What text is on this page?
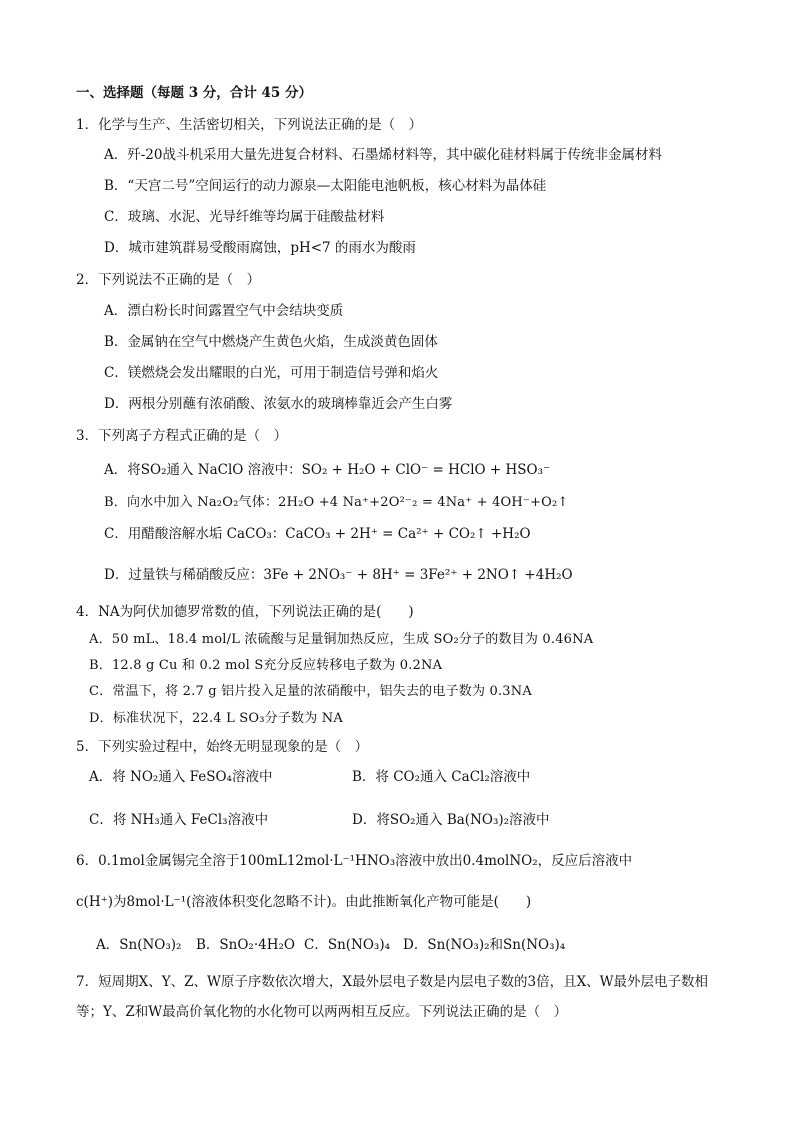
一、选择题（每题 3 分，合计 45 分）
1．化学与生产、生活密切相关，下列说法正确的是（　）
A．歼-20战斗机采用大量先进复合材料、石墨烯材料等，其中碳化硅材料属于传统非金属材料
B．“天宫二号”空间运行的动力源泉—太阳能电池帆板，核心材料为晶体硅
C．玻璃、水泥、光导纤维等均属于硅酸盐材料
D．城市建筑群易受酸雨腐蚀，pH<7 的雨水为酸雨
2．下列说法不正确的是（　）
A．漂白粉长时间露置空气中会结块变质
B．金属钠在空气中燃烧产生黄色火焰，生成淡黄色固体
C．镁燃烧会发出耀眼的白光，可用于制造信号弹和焰火
D．两根分别蘸有浓硝酸、浓氨水的玻璃棒靠近会产生白雾
3．下列离子方程式正确的是（　）
A．将SO₂通入 NaClO 溶液中：SO₂ + H₂O + ClO⁻ = HClO + HSO₃⁻
B．向水中加入 Na₂O₂气体：2H₂O +4 Na⁺+2O²⁻₂ = 4Na⁺ + 4OH⁻+O₂↑
C．用醋酸溶解水垢 CaCO₃：CaCO₃ + 2H⁺ = Ca²⁺ + CO₂↑ +H₂O
D．过量铁与稀硝酸反应：3Fe + 2NO₃⁻ + 8H⁺ = 3Fe²⁺ + 2NO↑ +4H₂O
4．NA为阿伏加德罗常数的值，下列说法正确的是(　　)
A．50 mL、18.4 mol/L 浓硫酸与足量铜加热反应，生成 SO₂分子的数目为 0.46NA
B．12.8 g Cu 和 0.2 mol S充分反应转移电子数为 0.2NA
C．常温下，将 2.7 g 铝片投入足量的浓硝酸中，铝失去的电子数为 0.3NA
D．标准状况下，22.4 L SO₃分子数为 NA
5．下列实验过程中，始终无明显现象的是（　）
A．将 NO₂通入 FeSO₄溶液中	B．将 CO₂通入 CaCl₂溶液中
C．将 NH₃通入 FeCl₃溶液中	D．将SO₂通入 Ba(NO₃)₂溶液中
6．0.1mol金属锡完全溶于100mL12mol·L⁻¹HNO₃溶液中放出0.4molNO₂，反应后溶液中
c(H⁺)为8mol·L⁻¹(溶液体积变化忽略不计)。由此推断氧化产物可能是(　　)
A．Sn(NO₃)₂ B．SnO₂·4H₂O C．Sn(NO₃)₄ D．Sn(NO₃)₂和Sn(NO₃)₄
7．短周期X、Y、Z、W原子序数依次增大，X最外层电子数是内层电子数的3倍，且X、W最外层电子数相
等；Y、Z和W最高价氧化物的水化物可以两两相互反应。下列说法正确的是（　）
